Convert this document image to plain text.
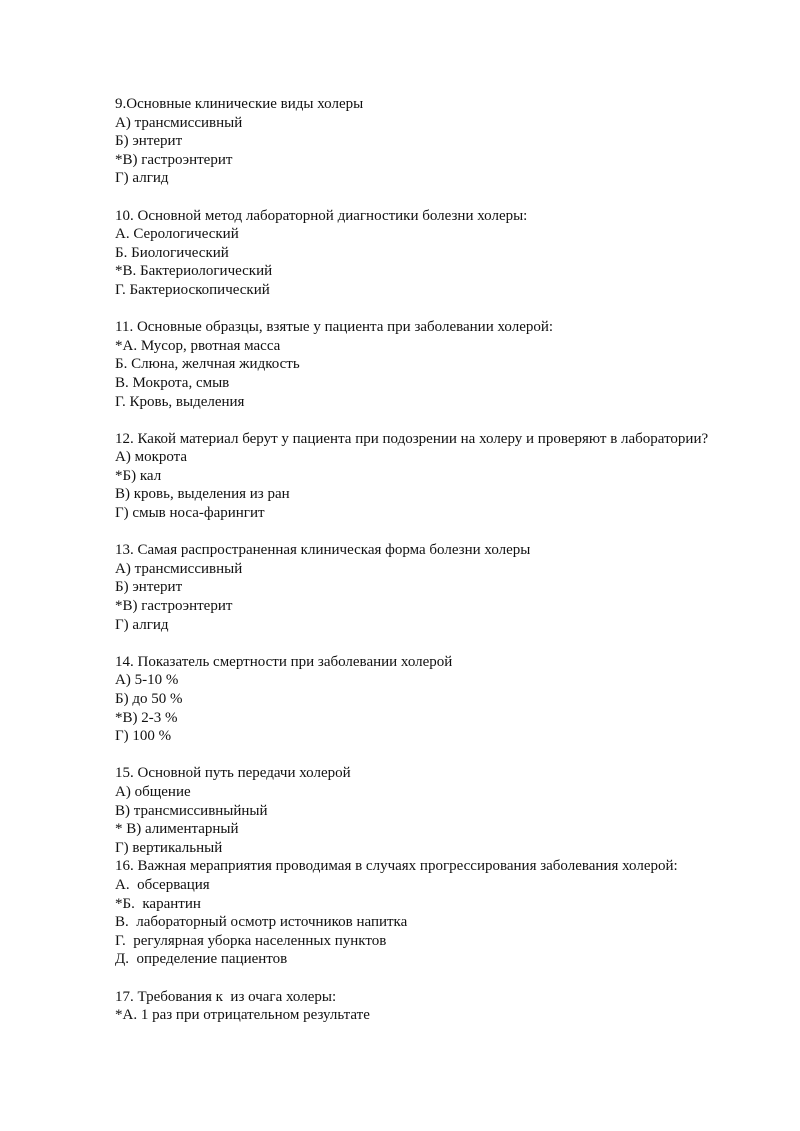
9.Основные клинические виды холеры
А) трансмиссивный
Б) энтерит
*В) гастроэнтерит
Г) алгид
10. Основной метод лабораторной диагностики болезни холеры:
А. Серологический
Б. Биологический
*В. Бактериологический
Г. Бактериоскопический
11. Основные образцы, взятые у пациента при заболевании холерой:
*А. Мусор, рвотная масса
Б. Слюна, желчная жидкость
В. Мокрота, смыв
Г. Кровь, выделения
12. Какой материал берут у пациента при подозрении на холеру и проверяют в лаборатории?
А) мокрота
*Б) кал
В) кровь, выделения из ран
Г) смыв носа-фарингит
13. Самая распространенная клиническая форма болезни холеры
А) трансмиссивный
Б) энтерит
*В) гастроэнтерит
Г) алгид
14. Показатель смертности при заболевании холерой
А) 5-10 %
Б) до 50 %
*В) 2-3 %
Г) 100 %
15. Основной путь передачи холерой
А) общение
В) трансмиссивныйный
* В) алиментарный
Г) вертикальный
16. Важная мераприятия проводимая в случаях прогрессирования заболевания холерой:
А.  обсервация
*Б.  карантин
В.  лабораторный осмотр источников напитка
Г.  регулярная уборка населенных пунктов
Д.  определение пациентов
17. Требования к  из очага холеры:
*А. 1 раз при отрицательном результате
